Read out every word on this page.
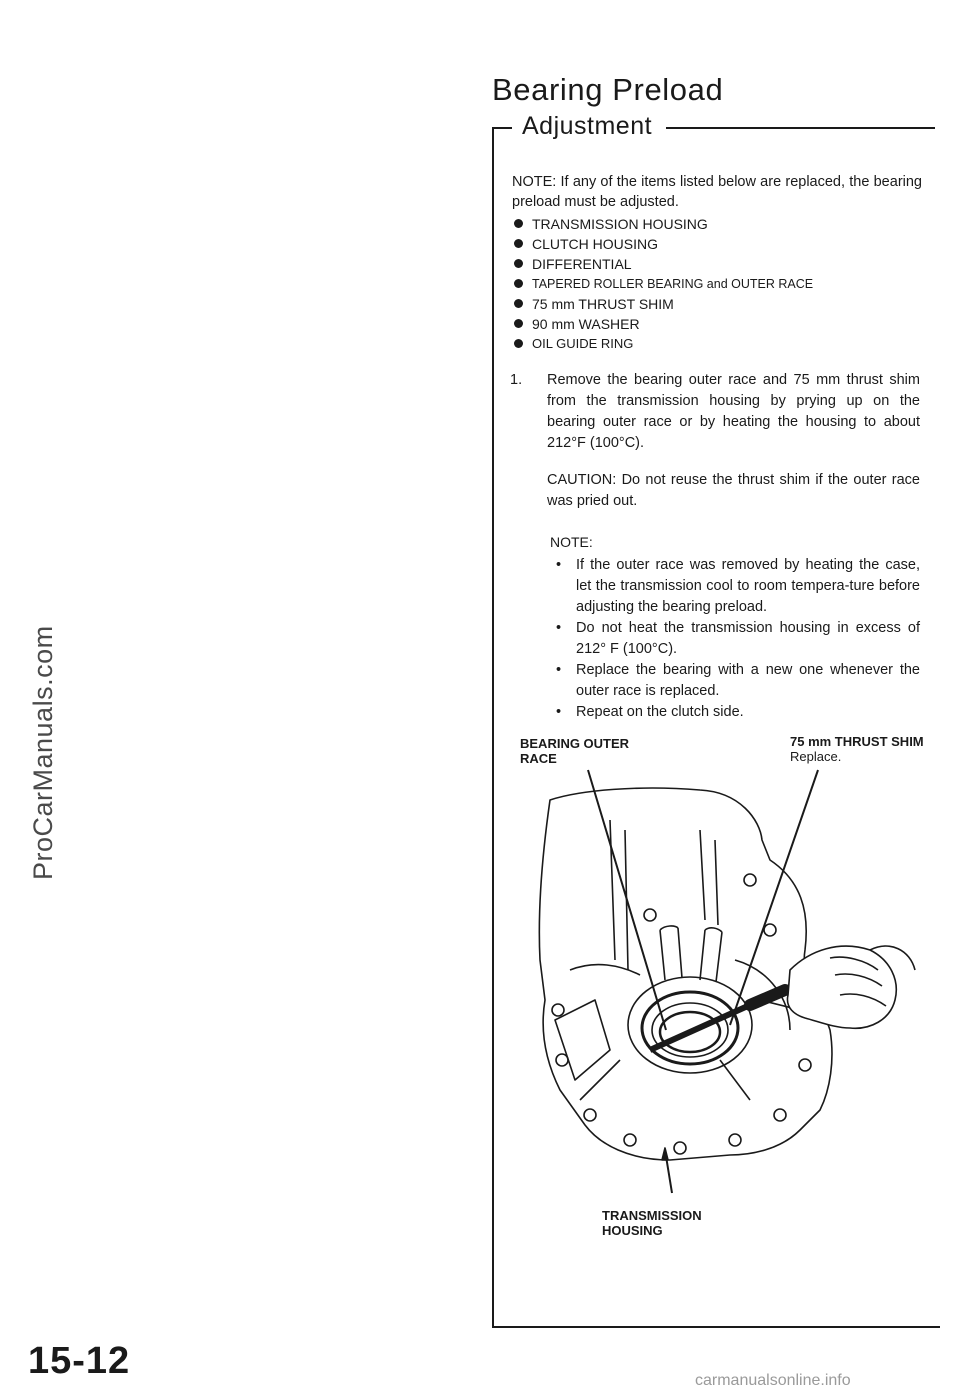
ProCarManuals.com
Bearing Preload
Adjustment

NOTE: If any of the items listed below are replaced, the bearing preload must be adjusted.

TRANSMISSION HOUSING
CLUTCH HOUSING
DIFFERENTIAL
TAPERED ROLLER BEARING and OUTER RACE
75 mm THRUST SHIM
90 mm WASHER
OIL GUIDE RING
1. Remove the bearing outer race and 75 mm thrust shim from the transmission housing by prying up on the bearing outer race or by heating the housing to about 212°F (100°C).

CAUTION: Do not reuse the thrust shim if the outer race was pried out.

NOTE:
• If the outer race was removed by heating the case, let the transmission cool to room tempera-ture before adjusting the bearing preload.
• Do not heat the transmission housing in excess of 212° F (100°C).
• Replace the bearing with a new one whenever the outer race is replaced.
• Repeat on the clutch side.
BEARING OUTER
RACE
75 mm THRUST SHIM
Replace.
TRANSMISSION
HOUSING
15-12	carmanualsonline.info
